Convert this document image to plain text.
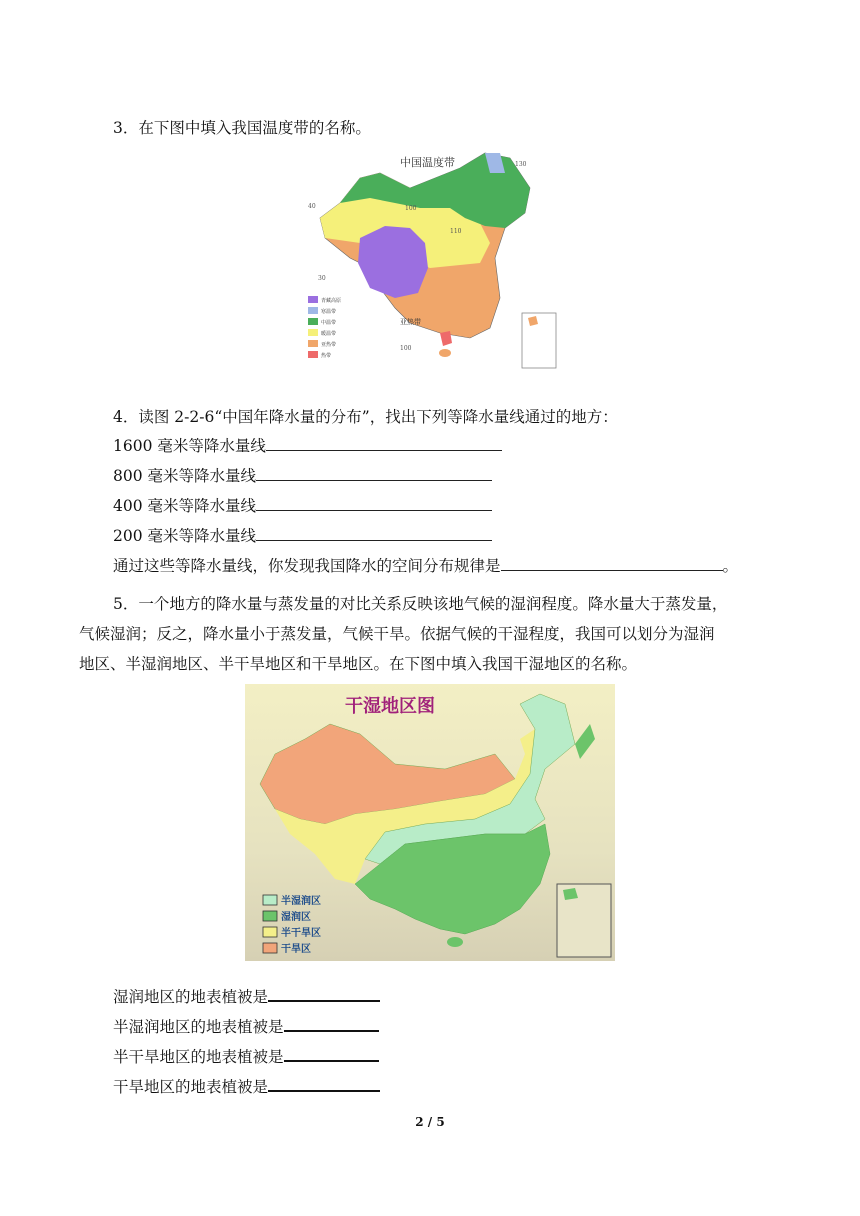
3．在下图中填入我国温度带的名称。
中国温度带
亚热带
130
100
110
100
40
30
青藏高原
寒温带
中温带
暖温带
亚热带
热带
4．读图 2-2-6“中国年降水量的分布”，找出下列等降水量线通过的地方：
1600 毫米等降水量线
800 毫米等降水量线
400 毫米等降水量线
200 毫米等降水量线
通过这些等降水量线，你发现我国降水的空间分布规律是	。
5．一个地方的降水量与蒸发量的对比关系反映该地气候的湿润程度。降水量大于蒸发量，
气候湿润；反之，降水量小于蒸发量，气候干旱。依据气候的干湿程度，我国可以划分为湿润
地区、半湿润地区、半干旱地区和干旱地区。在下图中填入我国干湿地区的名称。
干湿地区图
半湿润区
湿润区
半干旱区
干旱区
湿润地区的地表植被是
半湿润地区的地表植被是
半干旱地区的地表植被是
干旱地区的地表植被是
2 / 5
